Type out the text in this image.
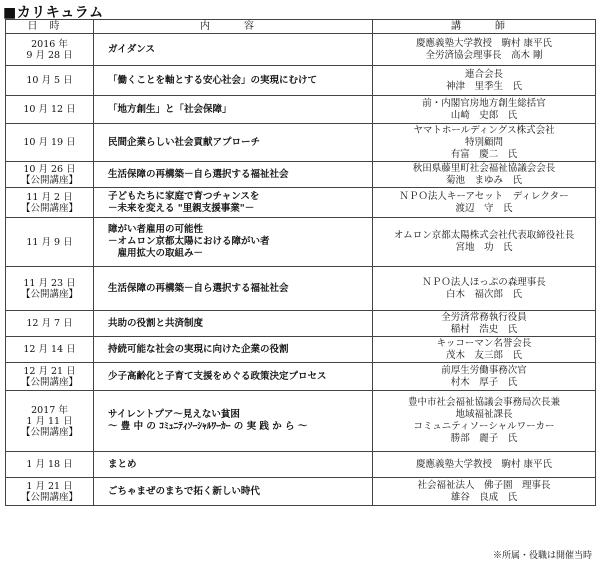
■カリキュラム
日時	内　容	講　師

2016 年
9 月 28 日	ガイダンス	慶應義塾大学教授　駒村 康平氏
全労済協会理事長　高木 剛

10 月 5 日	「働くことを軸とする安心社会」の実現にむけて	連合会長
神津　里季生　氏

10 月 12 日	「地方創生」と「社会保障」	前・内閣官房地方創生総括官
山崎　史郎　氏

10 月 19 日	民間企業らしい社会貢献アプローチ	ヤマトホールディングス株式会社
特別顧問
有富　慶二　氏

10 月 26 日
【公開講座】	生活保障の再構築－自ら選択する福祉社会	秋田県藤里町社会福祉協議会会長
菊池　まゆみ　氏

11 月 2 日
【公開講座】	子どもたちに家庭で育つチャンスを
－未来を変える "里親支援事業"－	ＮＰＯ法人キーアセット　ディレクター
渡辺　守　氏

11 月 9 日	障がい者雇用の可能性
－オムロン京都太陽における障がい者
　雇用拡大の取組み－	オムロン京都太陽株式会社代表取締役社長
宮地　功　氏

11 月 23 日
【公開講座】	生活保障の再構築－自ら選択する福祉社会	ＮＰＯ法人ほっぷの森理事長
白木　福次郎　氏

12 月 7 日	共助の役割と共済制度	全労済常務執行役員
稲村　浩史　氏

12 月 14 日	持続可能な社会の実現に向けた企業の役割	キッコーマン名誉会長
茂木　友三郎　氏

12 月 21 日
【公開講座】	少子高齢化と子育て支援をめぐる政策決定プロセス	前厚生労働事務次官
村木　厚子　氏

2017 年
1 月 11 日
【公開講座】	サイレントプア～見えない貧困
～ 豊 中 の ｺﾐｭﾆﾃｨｿｰｼｬﾙﾜｰｶｰ の 実 践 か ら ～	豊中市社会福祉協議会事務局次長兼
地域福祉課長
コミュニティソーシャルワーカー
勝部　麗子　氏

1 月 18 日	まとめ	慶應義塾大学教授　駒村 康平氏

1 月 21 日
【公開講座】	ごちゃまぜのまちで拓く新しい時代	社会福祉法人　佛子園　理事長
雄谷　良成　氏
※所属・役職は開催当時
